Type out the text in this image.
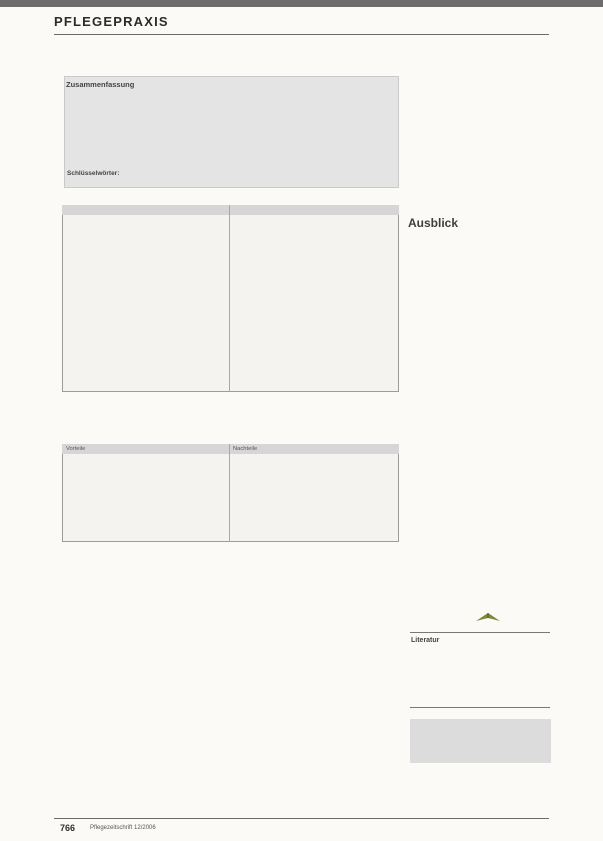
PFLEGEPRAXIS
Zusammenfassung
Schlüsselwörter:
Vorteile	Nachteile
Ausblick
Literatur
766 Pflegezeitschrift 12/2006
